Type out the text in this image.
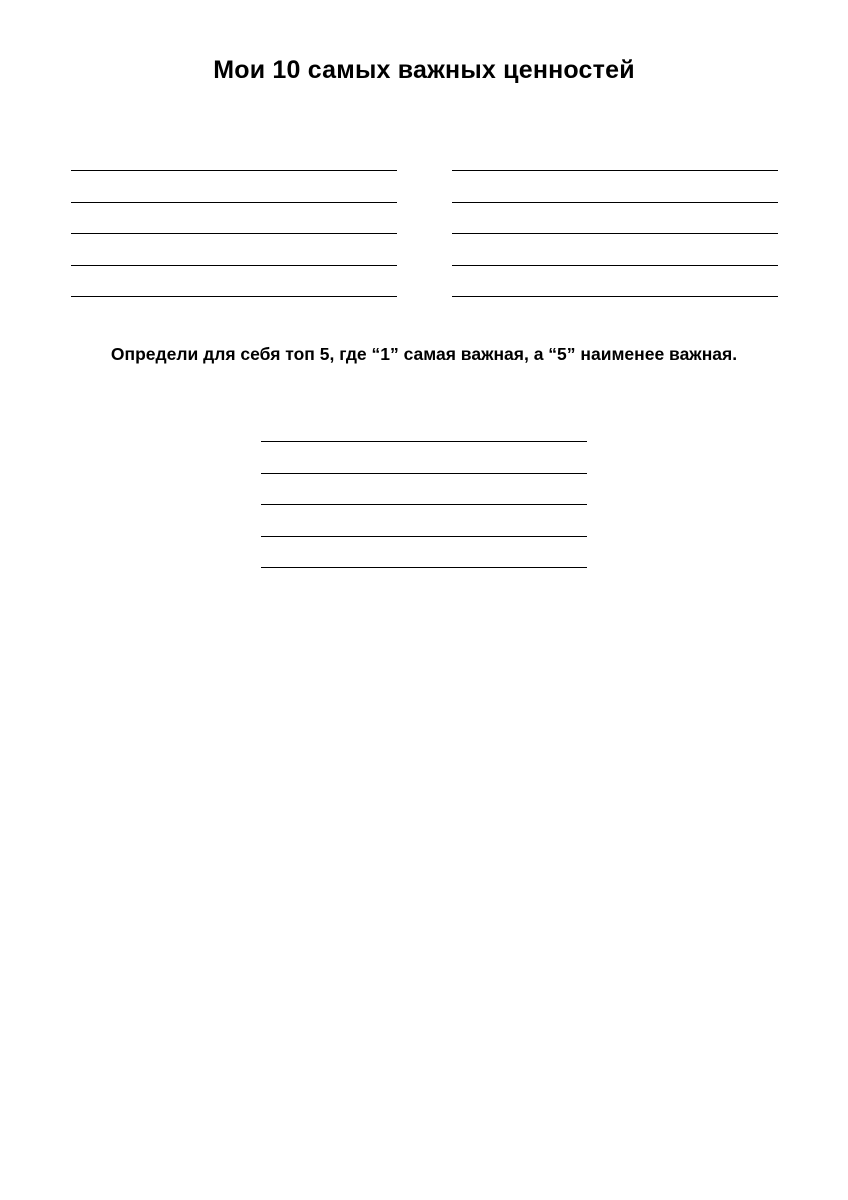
Мои 10 самых важных ценностей
Определи для себя топ 5, где “1” самая важная, а “5” наименее важная.
